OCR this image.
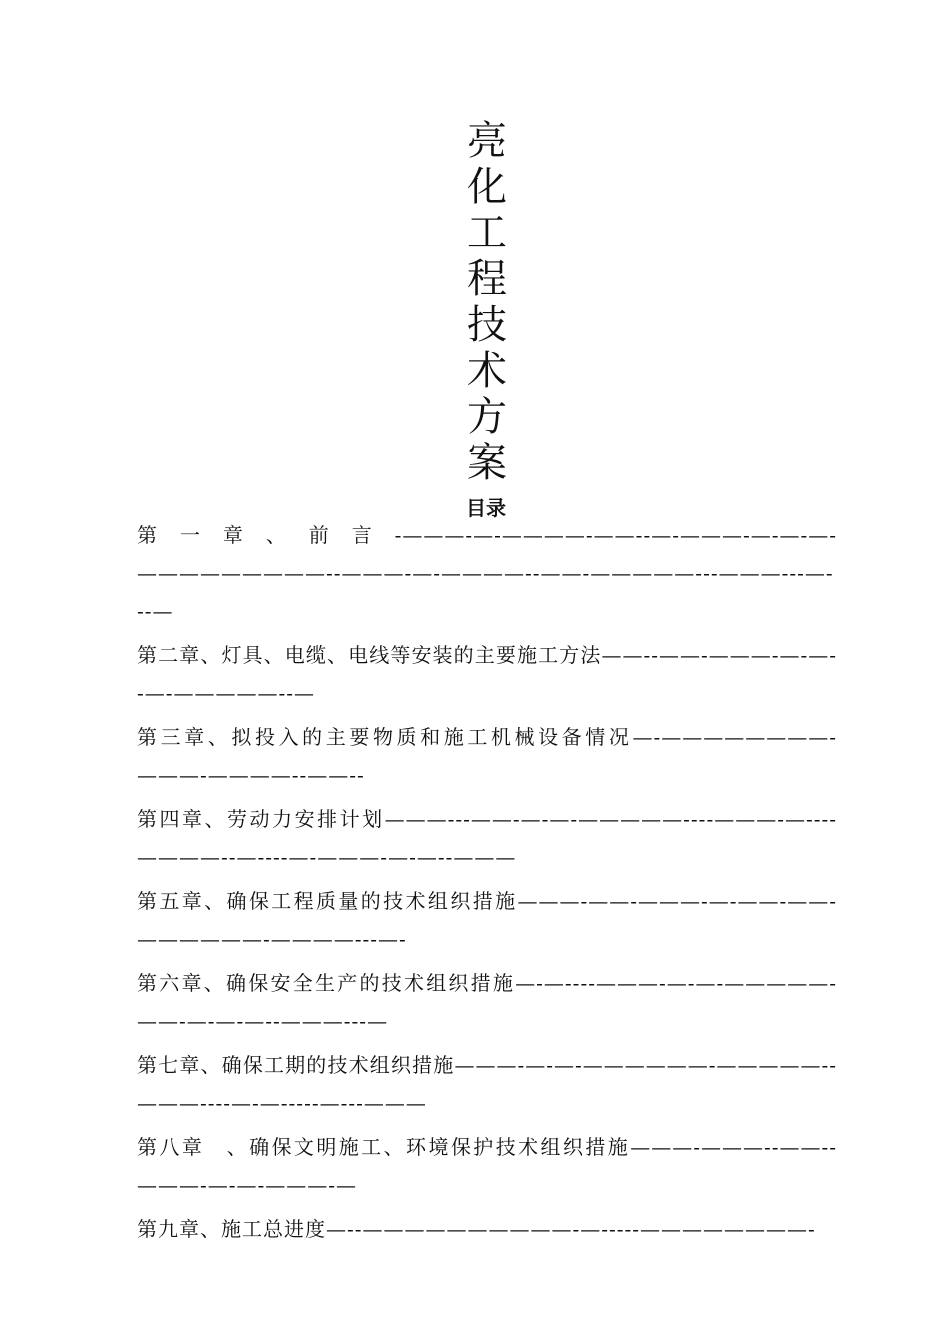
亮
化
工
程
技
术
方
案
目录
第一章、前言-———-—-————-——--—-———-—-—-—-—————————--———-—-————--——-—————---———---—---—
第二章、灯具、电缆、电线等安装的主要施工方法——--——-———-—-—--—-—————--—
第三章、拟投入的主要物质和施工机械设备情况—-————————-———-————--——--
第四章、劳动力安排计划———---——-—-—-—————----———-—----————--—----—-———-—-—--———
第五章、确保工程质量的技术组织措施———-——-———-—-——-——-——————-————---—-
第六章、确保安全生产的技术组织措施—-—----———-—-—-—————-——-—-—-—--———---—
第七章、确保工期的技术组织措施———-—-—-——————-—————--———----—-—-----—---———
第八章　、确保文明施工、环境保护技术组织措施———-———--——--———-—-—-———-—
第九章、施工总进度—--——————————-—-----————————-
